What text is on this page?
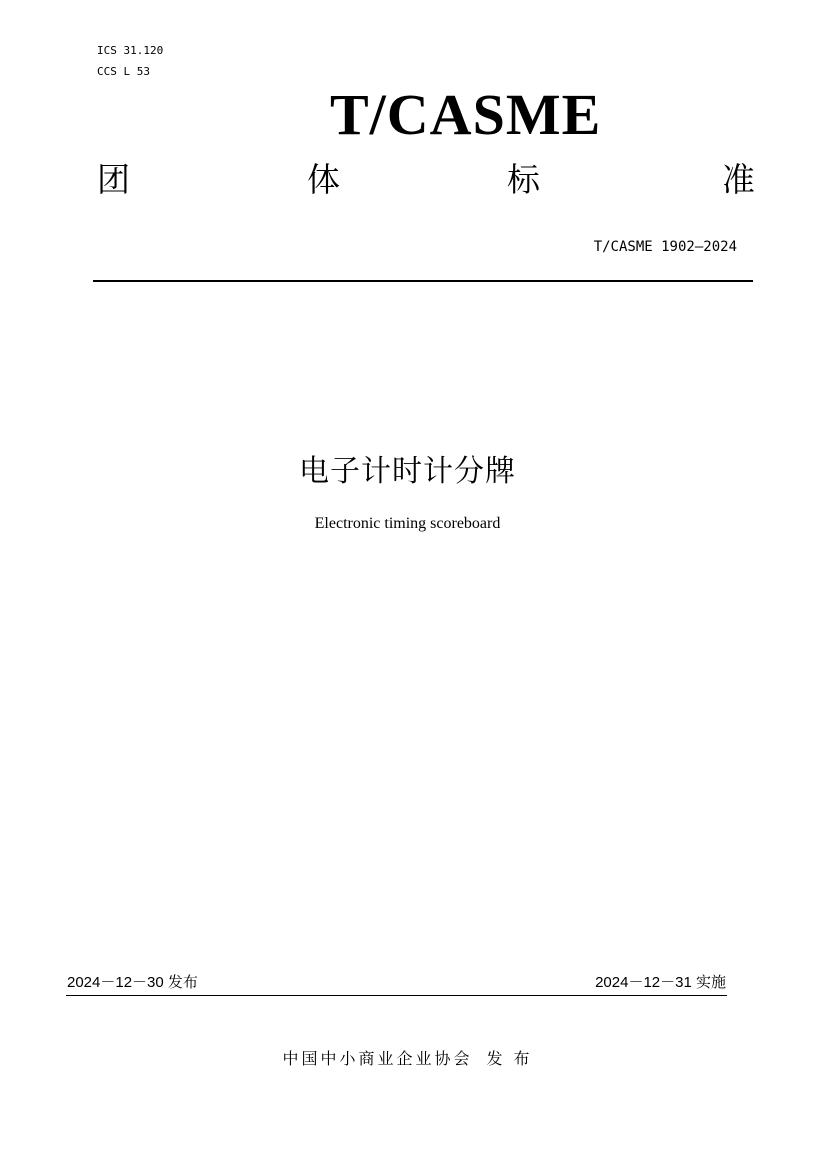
ICS 31.120
CCS L 53
T/CASME
团	体	标	准
T/CASME 1902—2024
电子计时计分牌
Electronic timing scoreboard
2024－12－30 发布	2024－12－31 实施
中国中小商业企业协会 发 布
